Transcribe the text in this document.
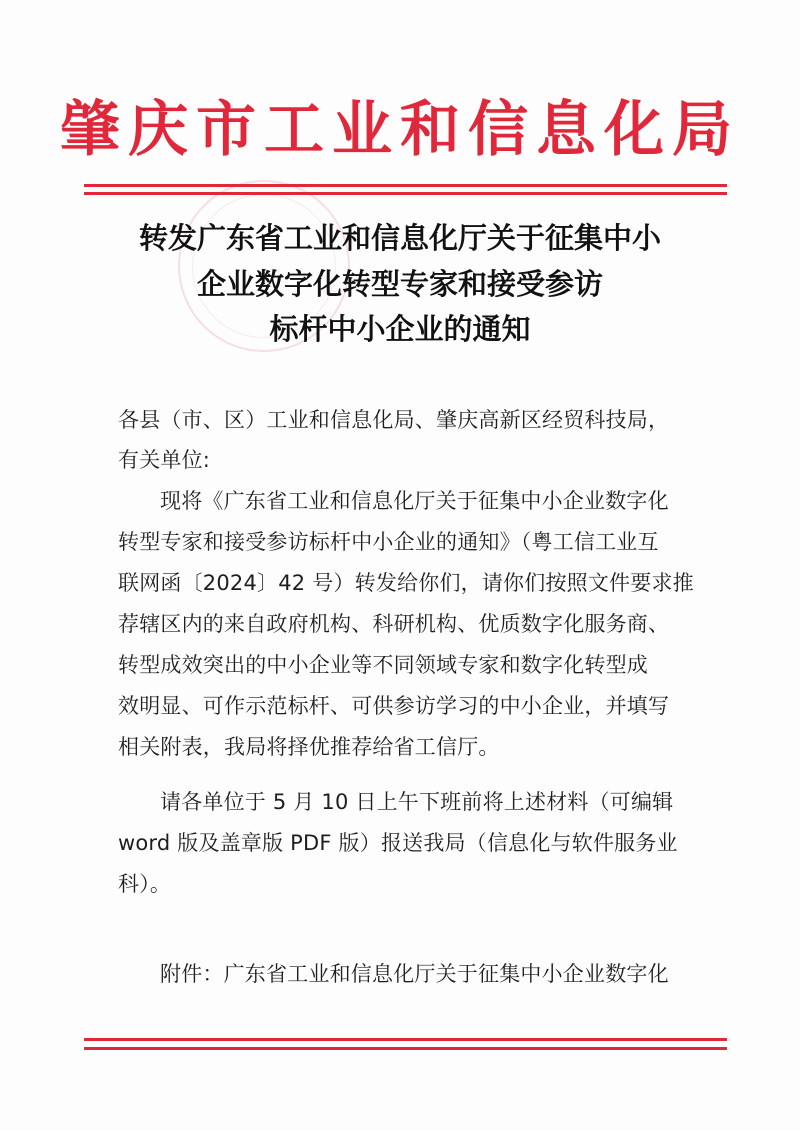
肇庆市工业和信息化局
转发广东省工业和信息化厅关于征集中小
企业数字化转型专家和接受参访
标杆中小企业的通知
各县（市、区）工业和信息化局、肇庆高新区经贸科技局，
有关单位:
现将《广东省工业和信息化厅关于征集中小企业数字化
转型专家和接受参访标杆中小企业的通知》（粤工信工业互
联网函〔2024〕42 号）转发给你们，请你们按照文件要求推
荐辖区内的来自政府机构、科研机构、优质数字化服务商、
转型成效突出的中小企业等不同领域专家和数字化转型成
效明显、可作示范标杆、可供参访学习的中小企业，并填写
相关附表，我局将择优推荐给省工信厅。
请各单位于 5 月 10 日上午下班前将上述材料（可编辑
word 版及盖章版 PDF 版）报送我局（信息化与软件服务业
科）。
附件：广东省工业和信息化厅关于征集中小企业数字化
